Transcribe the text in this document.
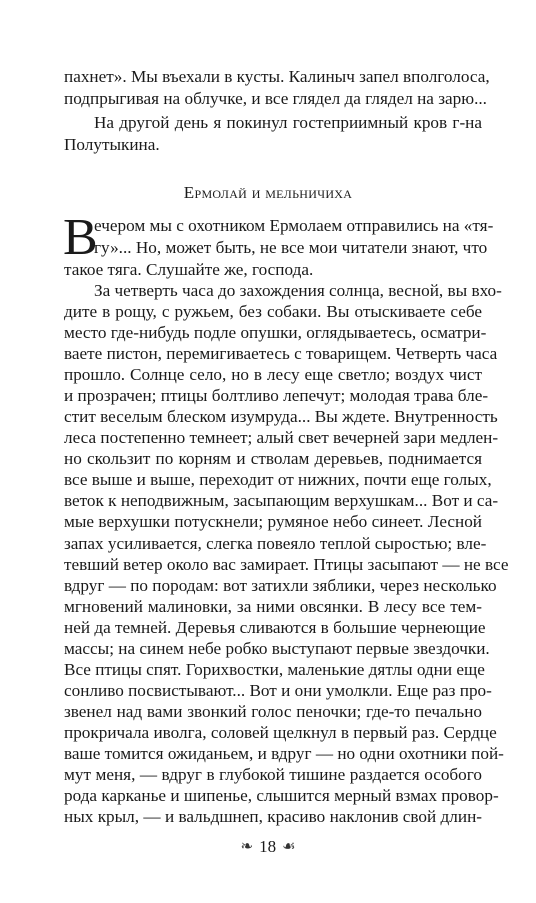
пахнет». Мы въехали в кусты. Калиныч запел вполголоса,
подпрыгивая на облучке, и все глядел да глядел на зарю...
На другой день я покинул гостеприимный кров г-на
Полутыкина.
Ермолай и мельничиха
В
ечером мы с охотником Ермолаем отправились на «тя-
гу»... Но, может быть, не все мои читатели знают, что
такое тяга. Слушайте же, господа.
За четверть часа до захождения солнца, весной, вы вхо-
дите в рощу, с ружьем, без собаки. Вы отыскиваете себе
место где-нибудь подле опушки, оглядываетесь, осматри-
ваете пистон, перемигиваетесь с товарищем. Четверть часа
прошло. Солнце село, но в лесу еще светло; воздух чист
и прозрачен; птицы болтливо лепечут; молодая трава бле-
стит веселым блеском изумруда... Вы ждете. Внутренность
леса постепенно темнеет; алый свет вечерней зари медлен-
но скользит по корням и стволам деревьев, поднимается
все выше и выше, переходит от нижних, почти еще голых,
веток к неподвижным, засыпающим верхушкам... Вот и са-
мые верхушки потускнели; румяное небо синеет. Лесной
запах усиливается, слегка повеяло теплой сыростью; вле-
тевший ветер около вас замирает. Птицы засыпают — не все
вдруг — по породам: вот затихли зяблики, через несколько
мгновений малиновки, за ними овсянки. В лесу все тем-
ней да темней. Деревья сливаются в большие чернеющие
массы; на синем небе робко выступают первые звездочки.
Все птицы спят. Горихвостки, маленькие дятлы одни еще
сонливо посвистывают... Вот и они умолкли. Еще раз про-
звенел над вами звонкий голос пеночки; где-то печально
прокричала иволга, соловей щелкнул в первый раз. Сердце
ваше томится ожиданьем, и вдруг — но одни охотники пой-
мут меня, — вдруг в глубокой тишине раздается особого
рода карканье и шипенье, слышится мерный взмах провор-
ных крыл, — и вальдшнеп, красиво наклонив свой длин-
❧ 18 ☙
